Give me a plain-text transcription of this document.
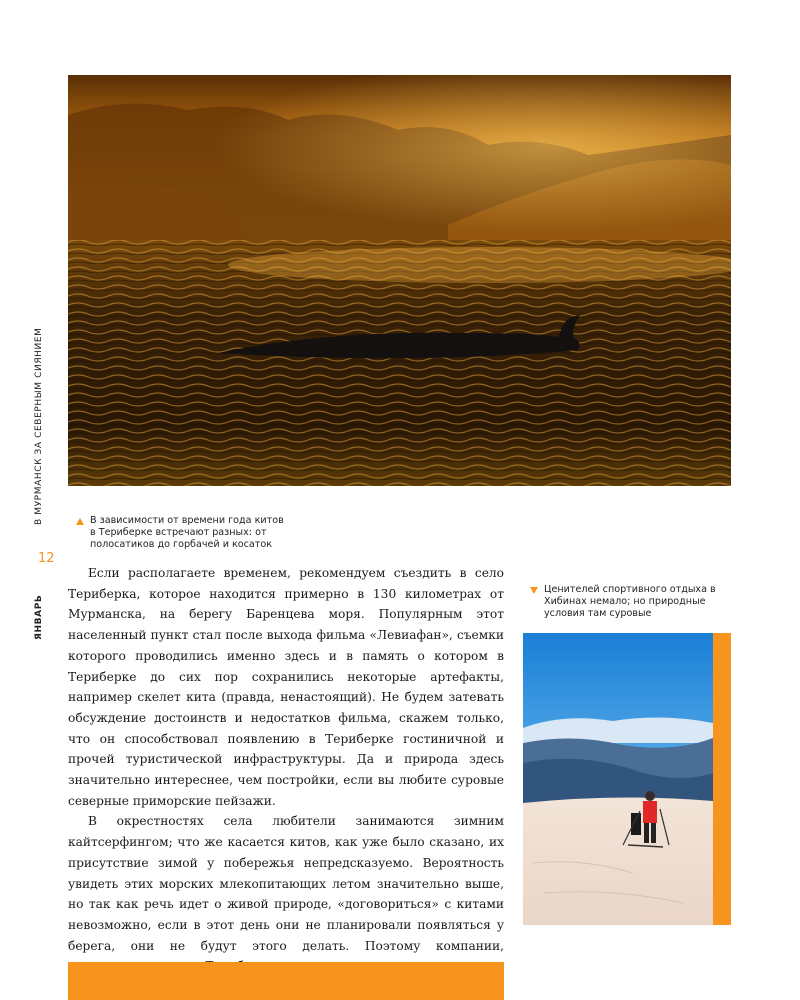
ЯНВАРЬ
В МУРМАНСК ЗА СЕВЕРНЫМ СИЯНИЕМ
12
В зависимости от времени года китов в Териберке встречают разных: от полосатиков до горбачей и косаток
Ценителей спортивного отдыха в Хибинах немало; но природные условия там суровые

Если располагаете временем, рекомендуем съездить в село Териберка, которое находится примерно в 130 километрах от Мурманска, на берегу Баренцева моря. Популярным этот населенный пункт стал после выхода фильма «Левиафан», съемки которого проводились именно здесь и в память о котором в Териберке до сих пор сохранились некоторые артефакты, например скелет кита (правда, ненастоящий). Не будем затевать обсуждение достоинств и недостатков фильма, скажем только, что он способствовал появлению в Териберке гостиничной и прочей туристической инфраструктуры. Да и природа здесь значительно интереснее, чем постройки, если вы любите суровые северные приморские пейзажи.

В окрестностях села любители занимаются зимним кайтсерфингом; что же касается китов, как уже было сказано, их присутствие зимой у побережья непредсказуемо. Вероятность увидеть этих морских млекопитающих летом значительно выше, но так как речь идет о живой природе, «договориться» с китами невозможно, если в этот день они не планировали появляться у берега, они не будут этого делать. Поэтому компании,
